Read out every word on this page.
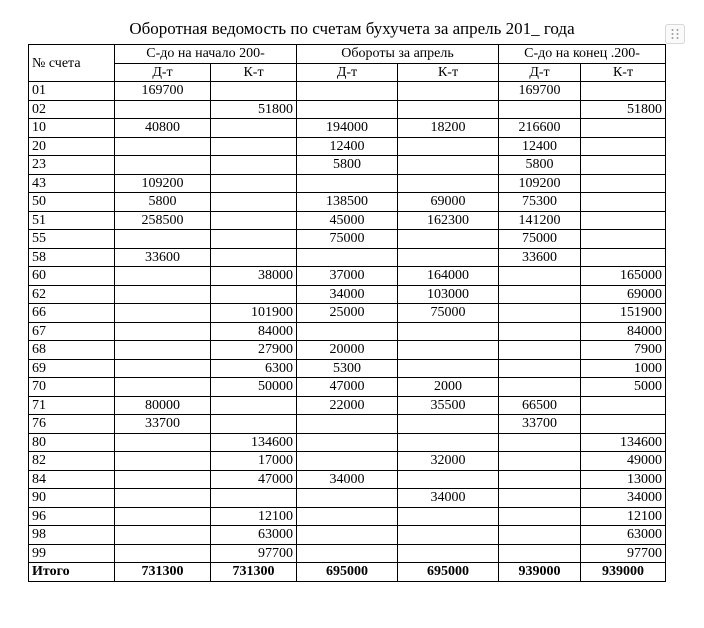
Оборотная ведомость по счетам бухучета за апрель 201_ года
№ счета	С-до на начало 200-		Обороты за апрель		С-до на конец .200-	
	Д-т	К-т	Д-т	К-т	Д-т	К-т
01	169700				169700	
02		51800				51800
10	40800		194000	18200	216600	
20			12400		12400	
23			5800		5800	
43	109200				109200	
50	5800		138500	69000	75300	
51	258500		45000	162300	141200	
55			75000		75000	
58	33600				33600	
60		38000	37000	164000		165000
62			34000	103000		69000
66		101900	25000	75000		151900
67		84000				84000
68		27900	20000			7900
69		6300	5300			1000
70		50000	47000	2000		5000
71	80000		22000	35500	66500	
76	33700				33700	
80		134600				134600
82		17000		32000		49000
84		47000	34000			13000
90				34000		34000
96		12100				12100
98		63000				63000
99		97700				97700
Итого	731300	731300	695000	695000	939000	939000
